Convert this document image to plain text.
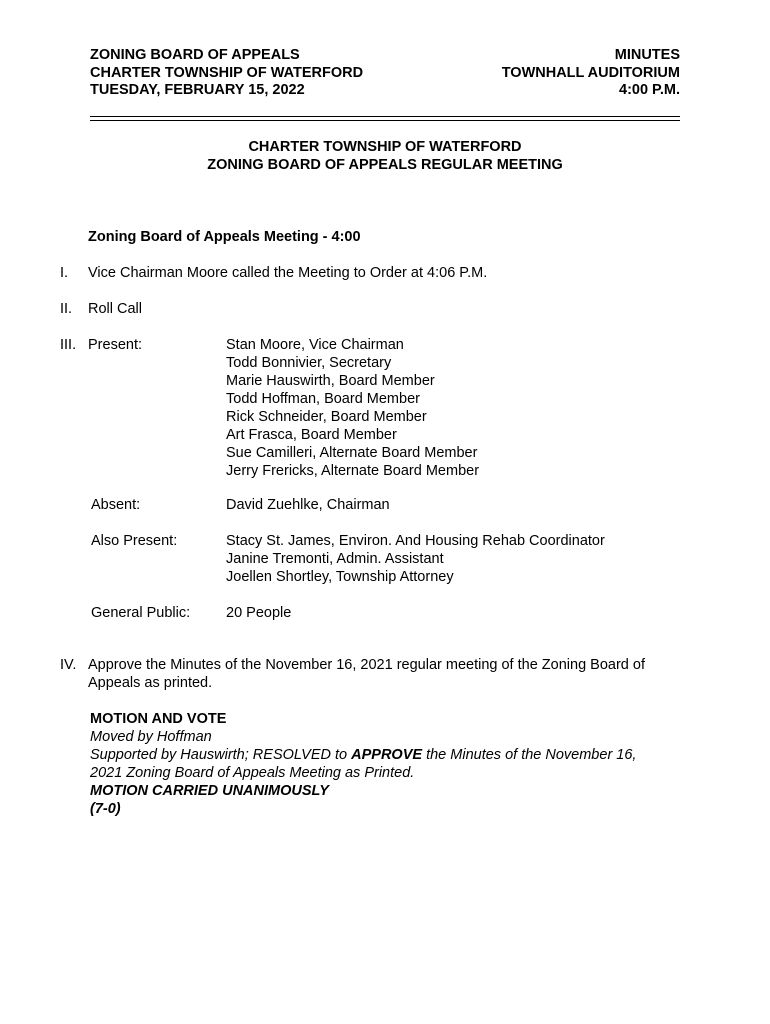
ZONING BOARD OF APPEALS
CHARTER TOWNSHIP OF WATERFORD
TUESDAY, FEBRUARY 15, 2022
MINUTES
TOWNHALL AUDITORIUM
4:00 P.M.
CHARTER TOWNSHIP OF WATERFORD
ZONING BOARD OF APPEALS REGULAR MEETING
Zoning Board of Appeals Meeting - 4:00
I. Vice Chairman Moore called the Meeting to Order at 4:06 P.M.
II. Roll Call
III. Present:	Stan Moore, Vice Chairman
Todd Bonnivier, Secretary
Marie Hauswirth, Board Member
Todd Hoffman, Board Member
Rick Schneider, Board Member
Art Frasca, Board Member
Sue Camilleri, Alternate Board Member
Jerry Frericks, Alternate Board Member
Absent:	David Zuehlke, Chairman
Also Present:	Stacy St. James, Environ. And Housing Rehab Coordinator
Janine Tremonti, Admin. Assistant
Joellen Shortley, Township Attorney
General Public: 20 People
IV. Approve the Minutes of the November 16, 2021 regular meeting of the Zoning Board of
Appeals as printed.
MOTION AND VOTE
Moved by Hoffman
Supported by Hauswirth; RESOLVED to APPROVE the Minutes of the November 16,
2021 Zoning Board of Appeals Meeting as Printed.
MOTION CARRIED UNANIMOUSLY
(7-0)
